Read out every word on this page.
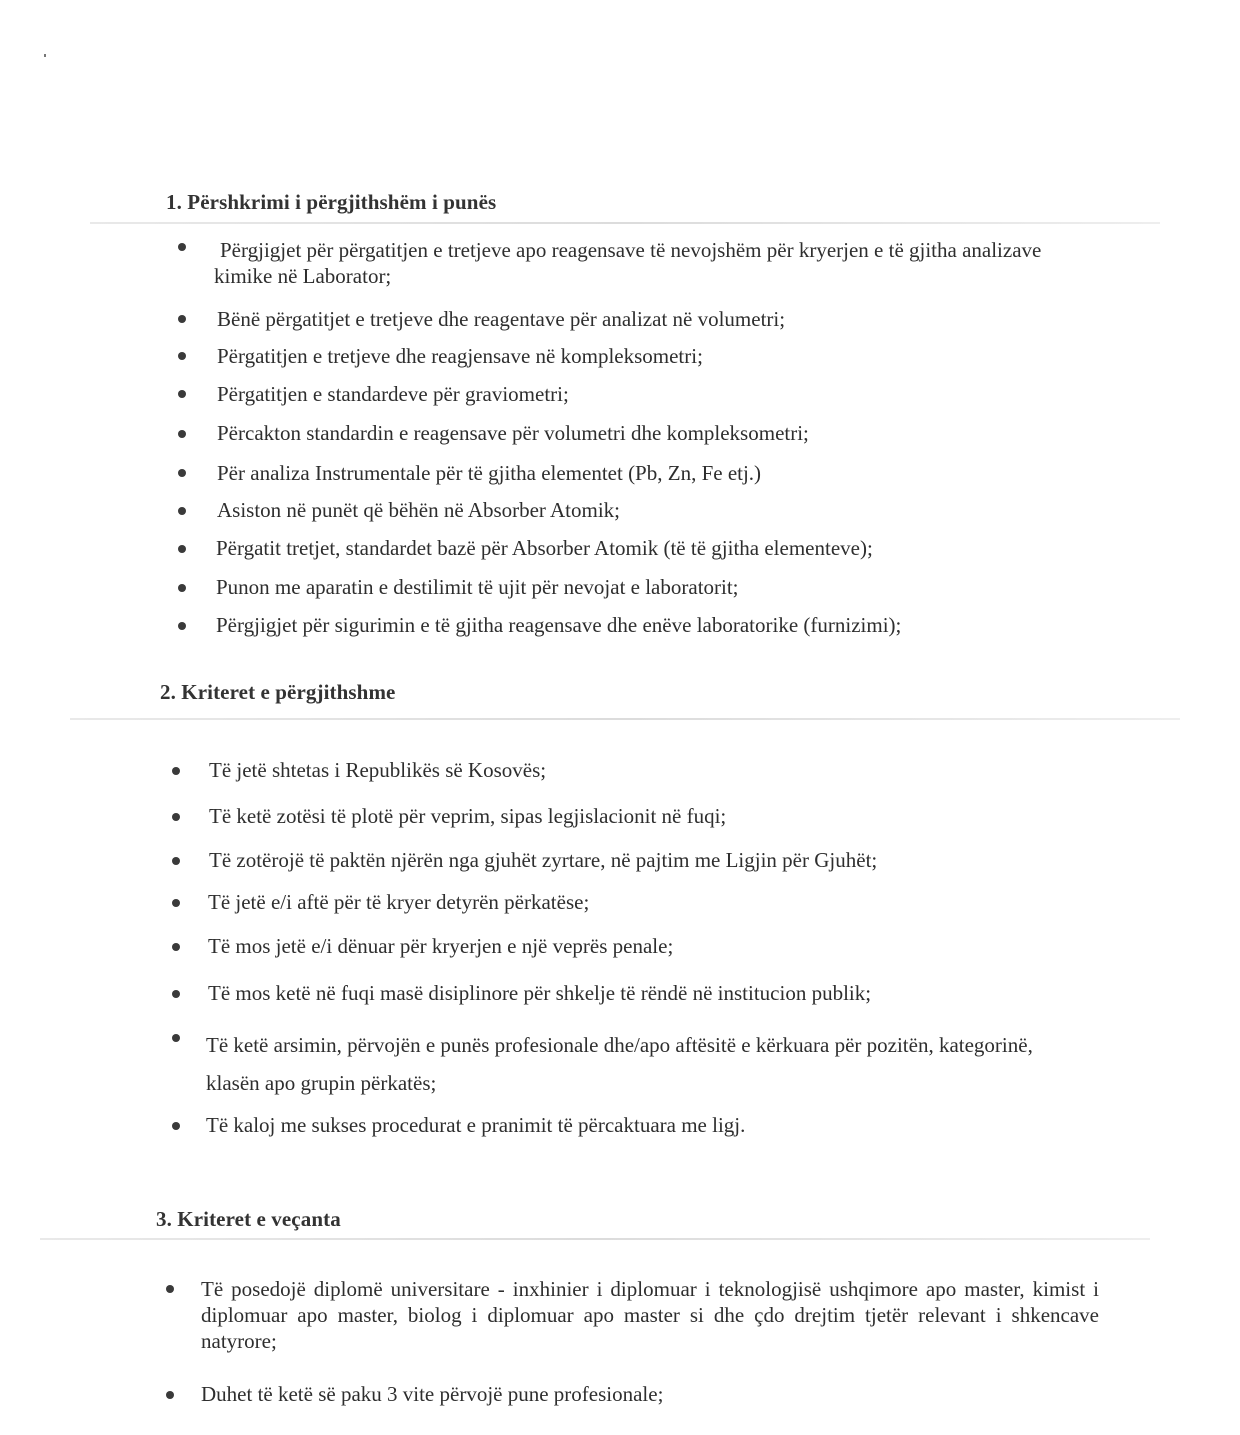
1. Përshkrimi i përgjithshëm i punës
Përgjigjet për përgatitjen e tretjeve apo reagensave të nevojshëm për kryerjen e të gjitha analizave kimike në Laborator;
Bënë përgatitjet e tretjeve dhe reagentave për analizat në volumetri;
Përgatitjen e tretjeve dhe reagjensave në kompleksometri;
Përgatitjen e standardeve për graviometri;
Përcakton standardin e reagensave për volumetri dhe kompleksometri;
Për analiza Instrumentale për të gjitha elementet (Pb, Zn, Fe etj.)
Asiston në punët që bëhën në Absorber Atomik;
Përgatit tretjet, standardet bazë për Absorber Atomik (të të gjitha elementeve);
Punon me aparatin e destilimit të ujit për nevojat e laboratorit;
Përgjigjet për sigurimin e të gjitha reagensave dhe enëve laboratorike (furnizimi);
2. Kriteret e përgjithshme
Të jetë shtetas i Republikës së Kosovës;
Të ketë zotësi të plotë për veprim, sipas legjislacionit në fuqi;
Të zotërojë të paktën njërën nga gjuhët zyrtare, në pajtim me Ligjin për Gjuhët;
Të jetë e/i aftë për të kryer detyrën përkatëse;
Të mos jetë e/i dënuar për kryerjen e një veprës penale;
Të mos ketë në fuqi masë disiplinore për shkelje të rëndë në institucion publik;
Të ketë arsimin, përvojën e punës profesionale dhe/apo aftësitë e kërkuara për pozitën, kategorinë, klasën apo grupin përkatës;
Të kaloj me sukses procedurat e pranimit të përcaktuara me ligj.
3. Kriteret e veçanta
Të posedojë diplomë universitare - inxhinier i diplomuar i teknologjisë ushqimore apo master, kimist i diplomuar apo master, biolog i diplomuar apo master si dhe çdo drejtim tjetër relevant i shkencave natyrore;
Duhet të ketë së paku 3 vite përvojë pune profesionale;
